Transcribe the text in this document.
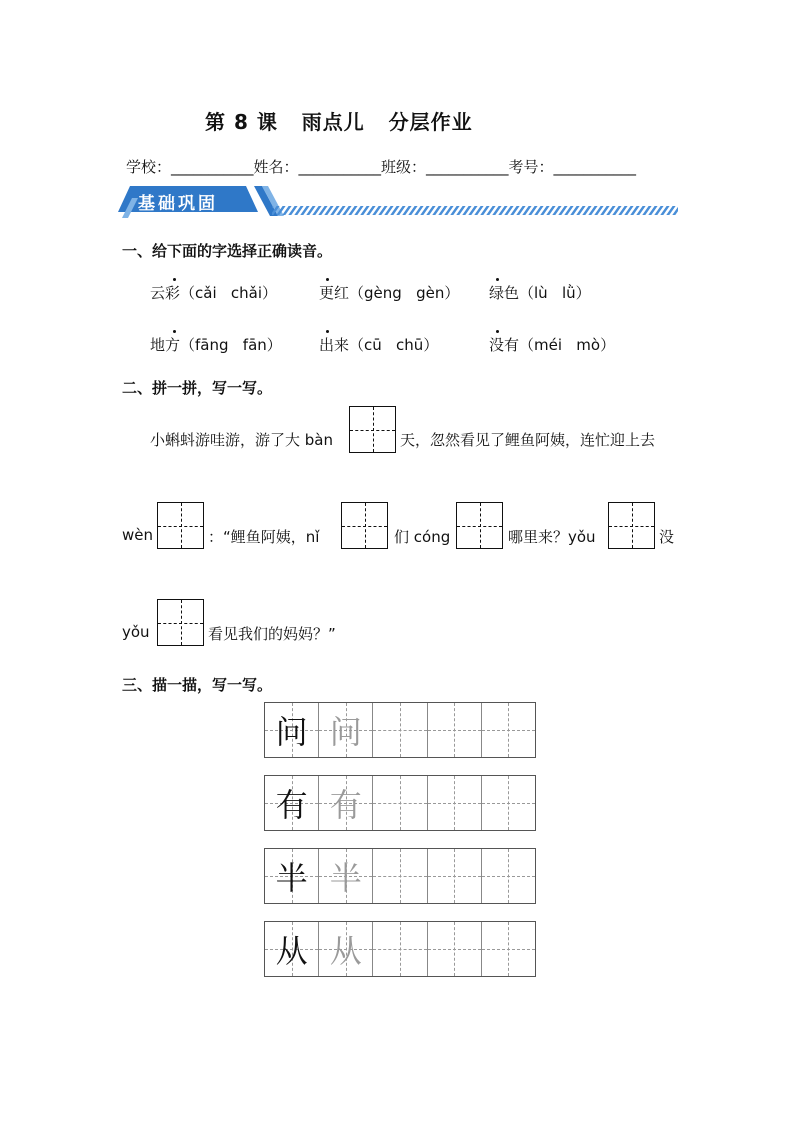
第 8 课   雨点儿   分层作业
学校：___________姓名：___________班级：___________考号：___________
基础巩固
一、给下面的字选择正确读音。
云彩（cǎi   chǎi）	更红（gèng   gèn） 绿色（lù   lǜ）
地方（fāng   fān） 出来（cū   chū）	没有（méi   mò）
二、拼一拼，写一写。
小蝌蚪游哇游，游了大 bàn	天，忽然看见了鲤鱼阿姨，连忙迎上去
wèn	：“鲤鱼阿姨，nǐ	们 cóng	哪里来？yǒu	没
yǒu	看见我们的妈妈？”
三、描一描，写一写。
问 问
有 有
半 半
从 从
